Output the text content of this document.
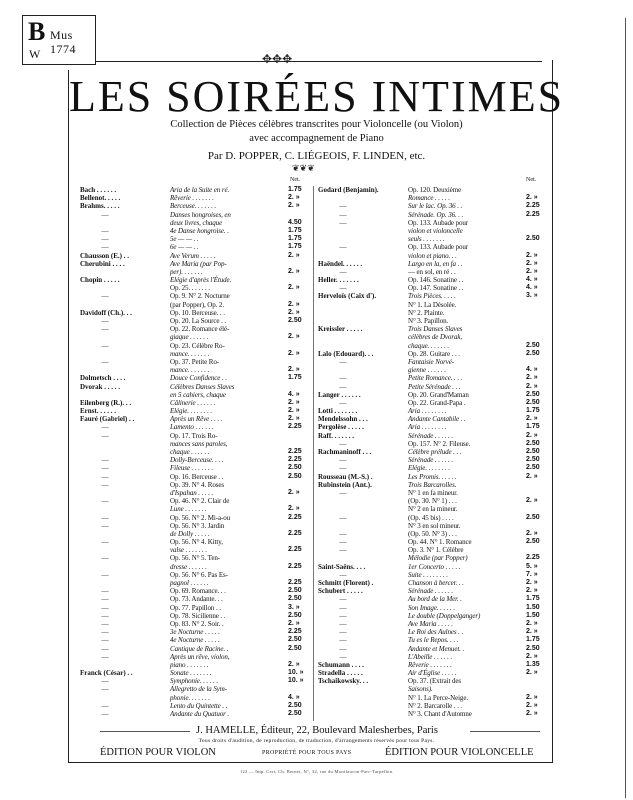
B
W
Mus 1774
✥✥✥
LES SOIRÉES INTIMES
Collection de Pièces célèbres transcrites pour Violoncelle (ou Violon)
avec accompagnement de Piano
Par D. POPPER, C. LIÉGEOIS, F. LINDEN, etc.
❦❦❦
Net.	Net.
Bach . . . . . .	Aria de la Suite en ré.	1.75
Bellenot. . . . .	Rêverie . . . . . . .	2. »
Brahms. . . . .	Berceuse. . . . . . .	2. »
—	Danses hongroises, en
deux livres, chaque	4.50
—	4e Danse hongroise. .	1.75
—	5e — — . .	1.75
—	6e — — . .	1.75
Chausson (E.) . .	Ave Verum . . . . .	2. »
Cherubini . . . .	Ave Maria (par Pop-
per). . . . . . .	2. »
Chopin . . . . .	Elégie d'après l'Étude.
Op. 25. . . . . . .	2. »
—	Op. 9. N° 2. Nocturne
(par Popper), Op. 2.	2. »
Davidoff (Ch.). . .	Op. 10. Berceuse. . .	2. »
—	Op. 20. La Source . .	2.50
—	Op. 22. Romance élé-
giaque . . . . . .	2. »
—	Op. 23. Célèbre Ro-
mance. . . . . . .	2. »
—	Op. 37. Petite Ro-
mance. . . . . . .	2. »
Dolmetsch . . . .	Douce Confidence . .	1.75
Dvorak . . . . .	Célèbres Danses Slaves
en 5 cahiers, chaque	4. »
Eilenberg (R.). . .	Câlinerie . . . . . .	2. »
Ernst. . . . . .	Elégie. . . . . . . .	2. »
Fauré (Gabriel) . .	Après un Rêve . . . .	2. »
—	Lamento . . . . . .	2.25
—	Op. 17. Trois Ro-
mances sans paroles,
chaque . . . . . .	2.25
—	Dolly-Berceuse. . . .	2.25
—	Fileuse . . . . . . .	2.50
—	Op. 16. Berceuse . .	2.50
—	Op. 39. N° 4. Roses
d'Ispahan . . . . .	2. »
—	Op. 46. N° 2. Clair de
Lune . . . . . . .	2. »
—	Op. 56. N° 2. Mi-a-ou	2.25
—	Op. 56. N° 3. Jardin
de Dolly . . . . .	2.25
—	Op. 56. N° 4. Kitty,
valse . . . . . . .	2.25
—	Op. 56. N° 5. Ten-
dresse . . . . . .	2.25
—	Op. 56. N° 6. Pas Es-
pagnol . . . . . .	2.25
—	Op. 69. Romance. . .	2.50
—	Op. 73. Andante. . .	2.50
—	Op. 77. Papillon . .	3. »
—	Op. 78. Sicilienne . .	2.50
—	Op. 83. N° 2. Soir. .	2. »
—	3e Nocturne . . . . .	2.25
—	4e Nocturne . . . . .	2.50
—	Cantique de Racine. .	2.50
—	Après un rêve, violon,
piano . . . . . . .	2. »
Franck (César) . .	Sonate . . . . . . .	10. »
—	Symphonie. . . . . .	10. »
—	Allegretto de la Sym-
phonie. . . . . . .	4. »
—	Lento du Quintette . .	2.50
—	Andante du Quatuor .	2.50
Godard (Benjamin).	Op. 120. Deuxième
Romance . . . . .	2. »
—	Sur le lac. Op. 36 . .	2.25
—	Sérénade. Op. 36. . .	2.25
—	Op. 133. Aubade pour
violon et violoncelle
seuls . . . . . . .	2.50
—	Op. 133. Aubade pour
violon et piano. . .	2. »
Haëndel. . . . . .	Largo en la, en fa . .	2. »
—	— en sol, en ré . .	2. »
Heller. . . . . . .	Op. 146. Sonatine . .	4. »
—	Op. 147. Sonatine . .	4. »
Herveloïs (Caix d').	Trois Pièces. . . . .	3. »
N° 1. La Désolée.
N° 2. Plainte.
N° 3. Papillon.
Kreissler . . . . .	Trois Danses Slaves
célèbres de Dvorak,
chaque. . . . . . .	2.50
Lalo (Edouard). . .	Op. 28. Guitare . . .	2.50
—	Fantaisie Norvé-
gienne . . . . . .	4. »
—	Petite Romance. . . .	2. »
—	Petite Sérénade . . .	2. »
Langer . . . . . .	Op. 20. Grand'Maman	2.50
—	Op. 22. Grand-Papa .	2.50
Lotti . . . . . . .	Aria . . . . . . . .	1.75
Mendelssohn . . .	Andante Cantabile . .	2. »
Pergolèse . . . . .	Aria . . . . . . . .	1.75
Raff. . . . . . .	Sérénade . . . . . .	2. »
—	Op. 157. N° 2. Fileuse.	2.50
Rachmaninoff . . .	Célèbre prélude . . .	2.50
—	Sérénade . . . . . .	2.50
—	Elégie. . . . . . . .	2.50
Rousseau (M.-S.) .	Les Promis. . . . . .	2. »
Rubinstein (Ant.).	Trois Barcarolles.
—	N° 1 en fa mineur.
(Op. 30. N° 1) . . .	2. »
N° 2 en la mineur.
—	(Op. 45 bis) . . . .	2.50
N° 3 en sol mineur.
—	(Op. 50. N° 3) . . .	2. »
—	Op. 44. N° 1. Romance	2.50
—	Op. 3. N° 1. Célèbre
Mélodie (par Popper)	2.25
Saint-Saëns. . . .	1er Concerto . . . . .	5. »
—	Suite . . . . . . . .	7. »
Schmitt (Florent) .	Chanson à bercer. . .	2. »
Schubert . . . . .	Sérénade . . . . . .	2. »
—	Au bord de la Mer. .	1.75
—	Son Image. . . . . .	1.50
—	Le double (Doppelganger)	1.50
—	Ave Maria . . . . .	2. »
—	Le Roi des Aulnes . .	2. »
—	Tu es le Repos. . . .	1.75
—	Andante et Menuet. .	2.50
—	L'Abeille . . . . . .	2. »
Schumann . . . .	Rêverie . . . . . . .	1.35
Stradella . . . . .	Air d'Église . . . . .	2. »
Tschaikowsky. . .	Op. 37. (Extrait des
Saisons).
N° 1. La Perce-Neige.	2. »
N° 2. Barcarolle . . .	2. »
N° 3. Chant d'Automne	2. »
J. HAMELLE, Éditeur, 22, Boulevard Malesherbes, Paris
Tous droits d'audition, de reproduction, de traduction, d'arrangements réservés pour tous Pays.
ÉDITION POUR VIOLON	PROPRIÉTÉ POUR TOUS PAYS	ÉDITION POUR VIOLONCELLE
122 — Imp. Cert, Ch. Bernet, N°, 32, rue du Montfaucon-Parc-Tarpellon.
